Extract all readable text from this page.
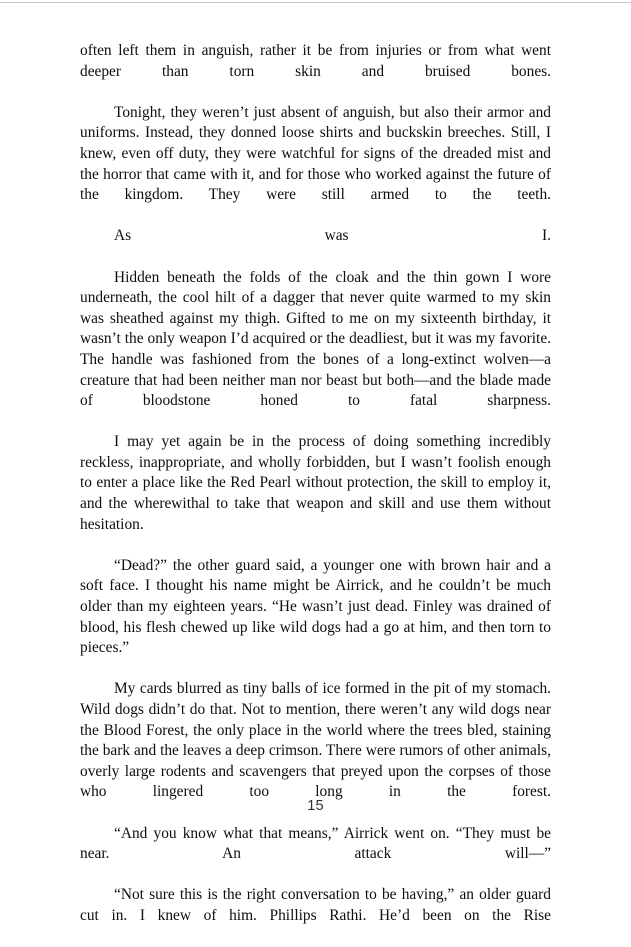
often left them in anguish, rather it be from injuries or from what went deeper than torn skin and bruised bones.

Tonight, they weren’t just absent of anguish, but also their armor and uniforms. Instead, they donned loose shirts and buckskin breeches. Still, I knew, even off duty, they were watchful for signs of the dreaded mist and the horror that came with it, and for those who worked against the future of the kingdom. They were still armed to the teeth.

As was I.

Hidden beneath the folds of the cloak and the thin gown I wore underneath, the cool hilt of a dagger that never quite warmed to my skin was sheathed against my thigh. Gifted to me on my sixteenth birthday, it wasn’t the only weapon I’d acquired or the deadliest, but it was my favorite. The handle was fashioned from the bones of a long-extinct wolven—a creature that had been neither man nor beast but both—and the blade made of bloodstone honed to fatal sharpness.

I may yet again be in the process of doing something incredibly reckless, inappropriate, and wholly forbidden, but I wasn’t foolish enough to enter a place like the Red Pearl without protection, the skill to employ it, and the wherewithal to take that weapon and skill and use them without hesitation.

“Dead?” the other guard said, a younger one with brown hair and a soft face. I thought his name might be Airrick, and he couldn’t be much older than my eighteen years. “He wasn’t just dead. Finley was drained of blood, his flesh chewed up like wild dogs had a go at him, and then torn to pieces.”

My cards blurred as tiny balls of ice formed in the pit of my stomach. Wild dogs didn’t do that. Not to mention, there weren’t any wild dogs near the Blood Forest, the only place in the world where the trees bled, staining the bark and the leaves a deep crimson. There were rumors of other animals, overly large rodents and scavengers that preyed upon the corpses of those who lingered too long in the forest.

“And you know what that means,” Airrick went on. “They must be near. An attack will—”

“Not sure this is the right conversation to be having,” an older guard cut in. I knew of him. Phillips Rathi. He’d been on the Rise

15
